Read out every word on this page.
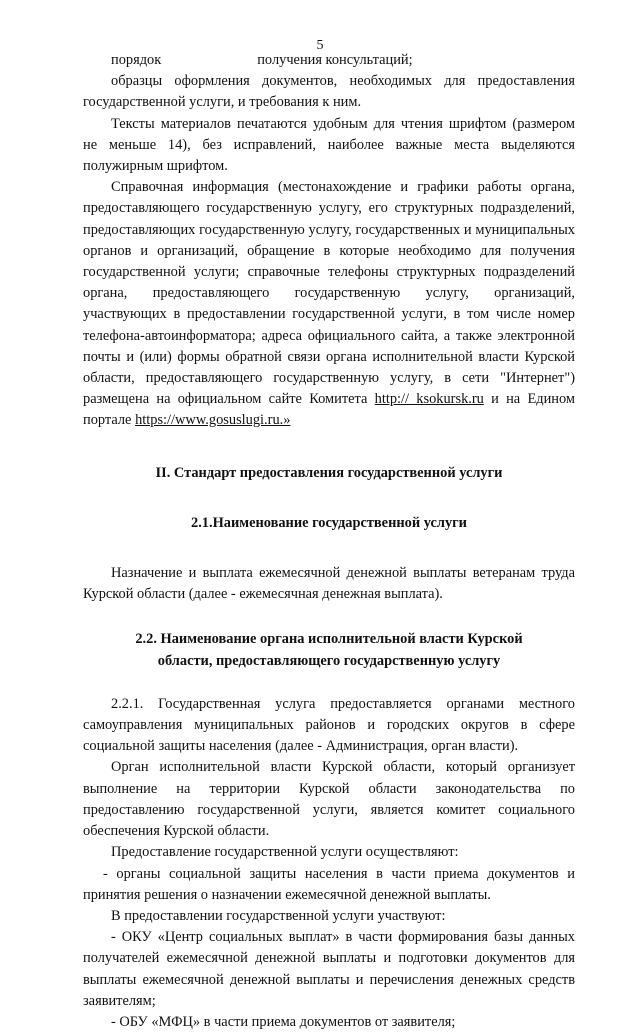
5

порядок	получения консультаций;

образцы оформления документов, необходимых для предоставления государственной услуги, и требования к ним.

Тексты материалов печатаются удобным для чтения шрифтом (размером не меньше 14), без исправлений, наиболее важные места выделяются полужирным шрифтом.

Справочная информация (местонахождение и графики работы органа, предоставляющего государственную услугу, его структурных подразделений, предоставляющих государственную услугу, государственных и муниципальных органов и организаций, обращение в которые необходимо для получения государственной услуги; справочные телефоны структурных подразделений органа, предоставляющего государственную услугу, организаций, участвующих в предоставлении государственной услуги, в том числе номер телефона-автоинформатора; адреса официального сайта, а также электронной почты и (или) формы обратной связи органа исполнительной власти Курской области, предоставляющего государственную услугу, в сети "Интернет") размещена на официальном сайте Комитета http:// ksokursk.ru и на Едином порталe https://www.gosuslugi.ru.»

II. Стандарт предоставления государственной услуги

2.1.Наименование государственной услуги

Назначение и выплата ежемесячной денежной выплаты ветеранам труда Курской области (далее - ежемесячная денежная выплата).

2.2. Наименование органа исполнительной власти Курской
области, предоставляющего государственную услугу

2.2.1. Государственная услуга предоставляется органами местного самоуправления муниципальных районов и городских округов в сфере социальной защиты населения (далее - Администрация, орган власти).

Орган исполнительной власти Курской области, который организует выполнение на территории Курской области законодательства по предоставлению государственной услуги, является комитет социального обеспечения Курской области.

Предоставление государственной услуги осуществляют:

- органы социальной защиты населения в части приема документов и принятия решения о назначении ежемесячной денежной выплаты.

В предоставлении государственной услуги участвуют:

- ОКУ «Центр социальных выплат» в части формирования базы данных получателей ежемесячной денежной выплаты и подготовки документов для выплаты ежемесячной денежной выплаты и перечисления денежных средств заявителям;

- ОБУ «МФЦ» в части приема документов от заявителя;
